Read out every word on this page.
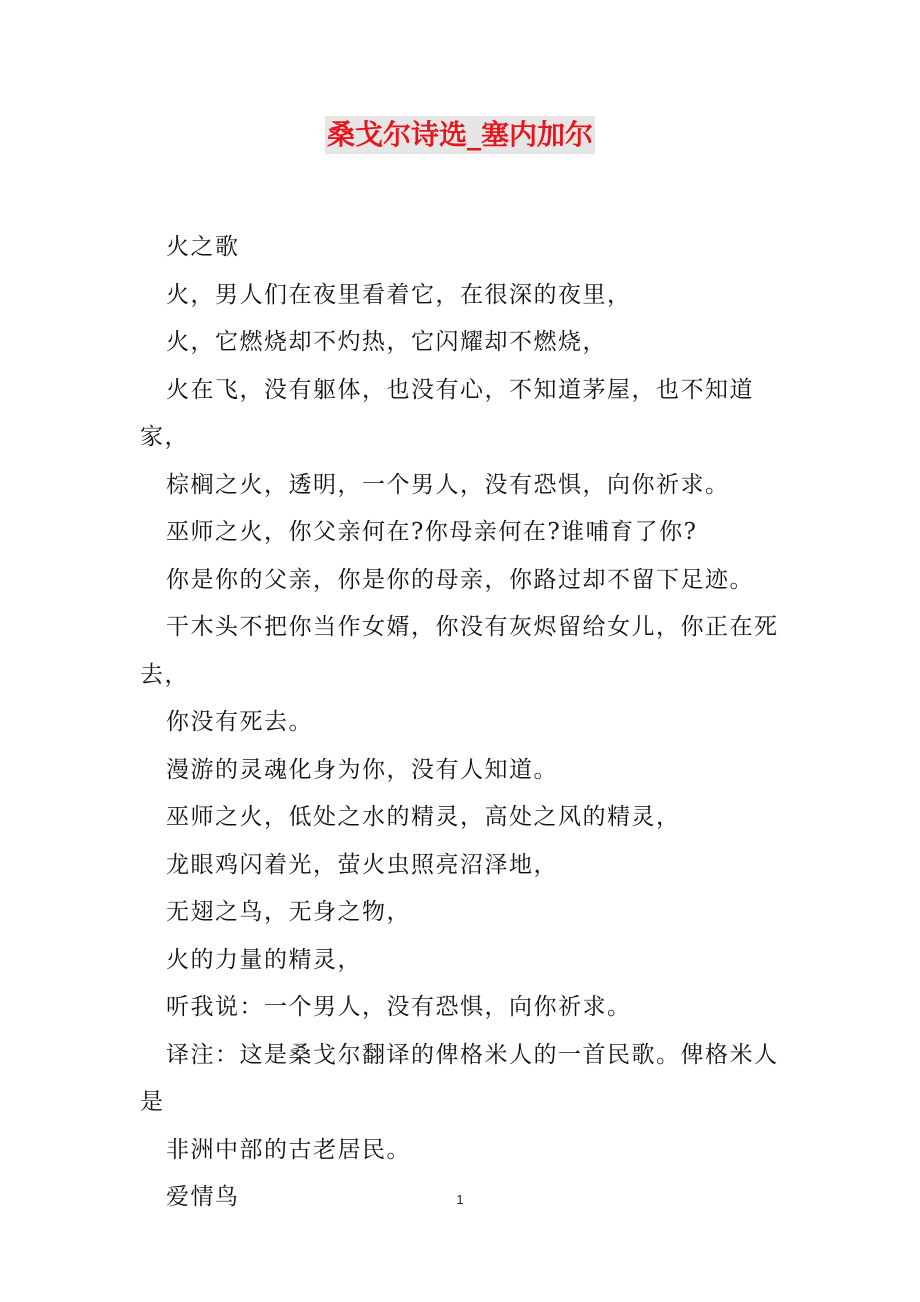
桑戈尔诗选_塞内加尔

火之歌

火，男人们在夜里看着它，在很深的夜里，

火，它燃烧却不灼热，它闪耀却不燃烧，

火在飞，没有躯体，也没有心，不知道茅屋，也不知道家，

棕榈之火，透明，一个男人，没有恐惧，向你祈求。

巫师之火，你父亲何在?你母亲何在?谁哺育了你?

你是你的父亲，你是你的母亲，你路过却不留下足迹。

干木头不把你当作女婿，你没有灰烬留给女儿，你正在死去，

你没有死去。

漫游的灵魂化身为你，没有人知道。

巫师之火，低处之水的精灵，高处之风的精灵，

龙眼鸡闪着光，萤火虫照亮沼泽地，

无翅之鸟，无身之物，

火的力量的精灵，

听我说：一个男人，没有恐惧，向你祈求。

译注：这是桑戈尔翻译的俾格米人的一首民歌。俾格米人是

非洲中部的古老居民。

爱情鸟	1
